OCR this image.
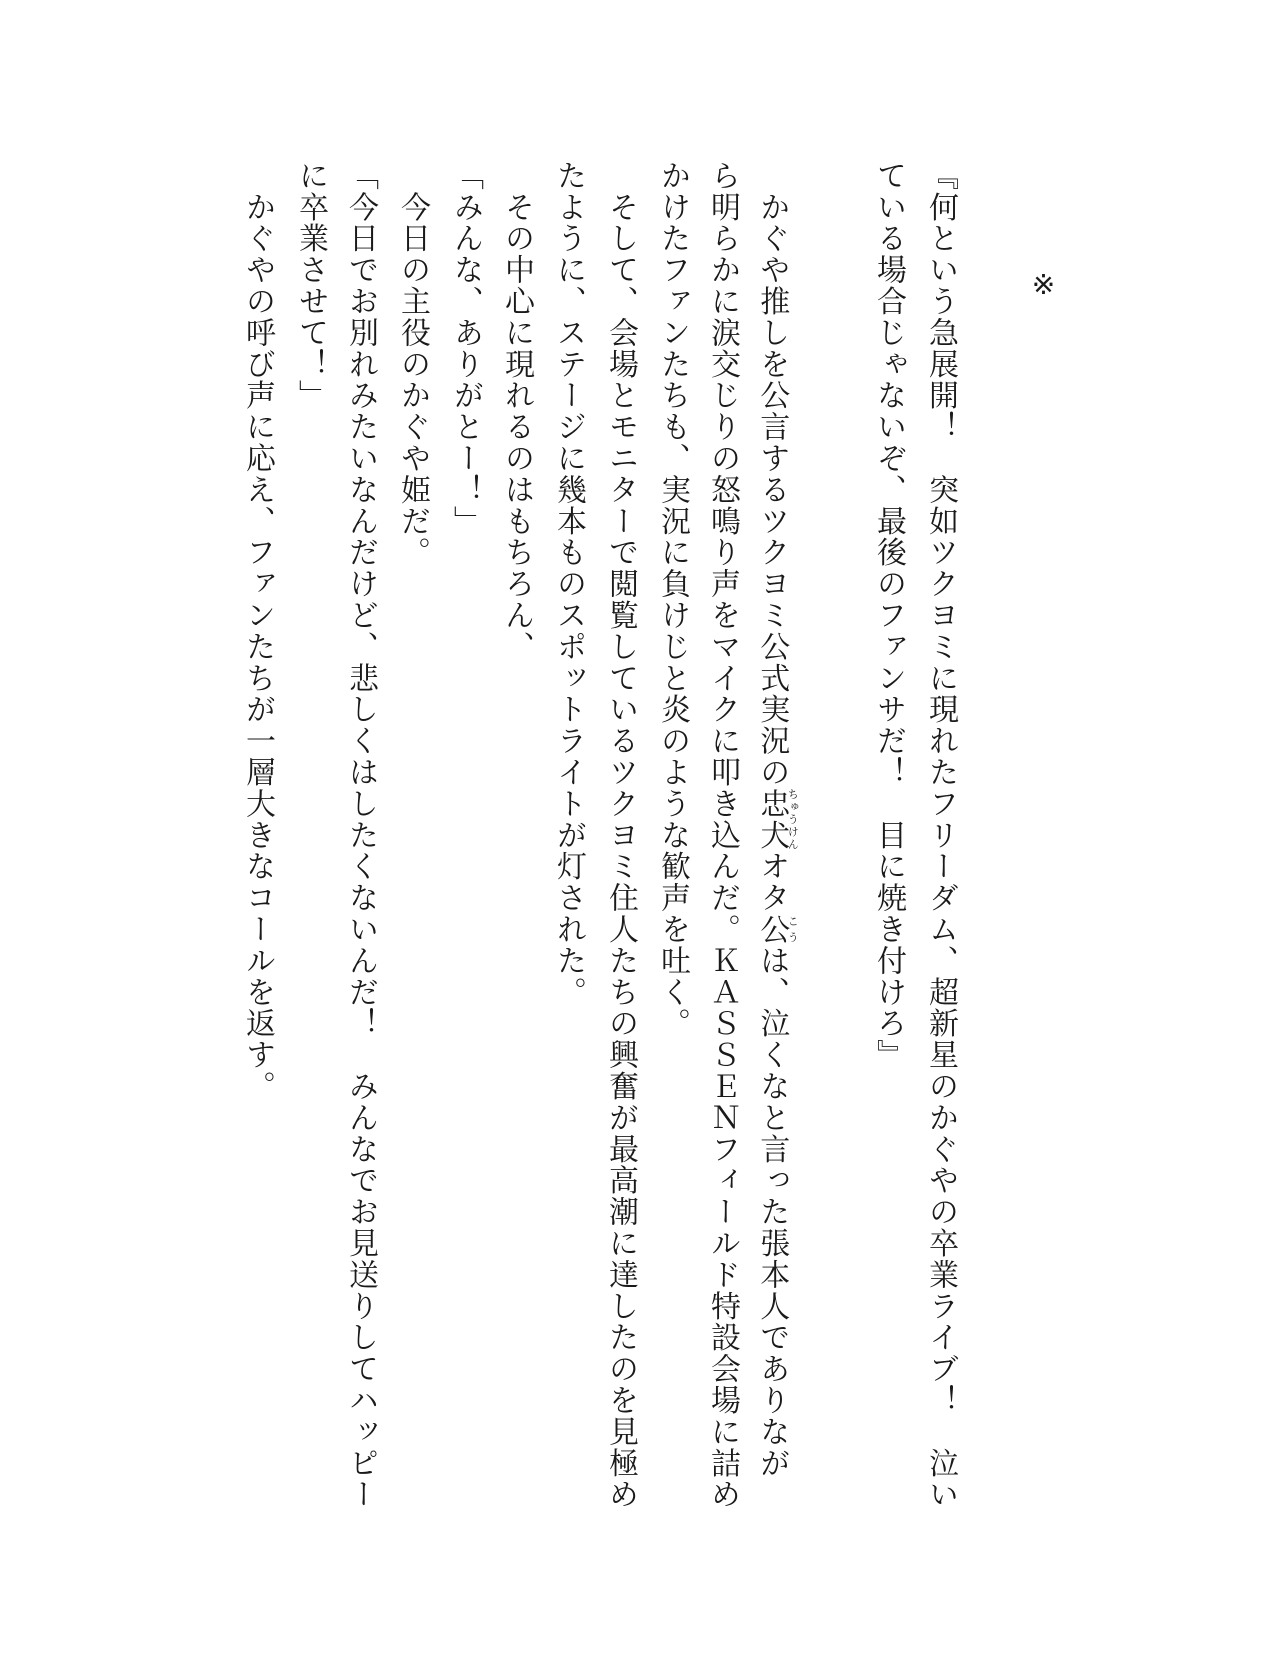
※
『何という急展開！　突如ツクヨミに現れたフリーダム、超新星のかぐやの卒業ライブ！　泣い
ている場合じゃないぞ、最後のファンサだ！　目に焼き付けろ』
　かぐや推しを公言するツクヨミ公式実況の忠犬ちゅうけんオタ公こうは、泣くなと言った張本人でありなが
ら明らかに涙交じりの怒鳴り声をマイクに叩き込んだ。ＫＡＳＳＥＮフィールド特設会場に詰め
かけたファンたちも、実況に負けじと炎のような歓声を吐く。
　そして、会場とモニターで閲覧しているツクヨミ住人たちの興奮が最高潮に達したのを見極め
たように、ステージに幾本ものスポットライトが灯された。
　その中心に現れるのはもちろん、
「みんな、ありがとー！」
　今日の主役のかぐや姫だ。
「今日でお別れみたいなんだけど、悲しくはしたくないんだ！　みんなでお見送りしてハッピー
に卒業させて！」
　かぐやの呼び声に応え、ファンたちが一層大きなコールを返す。
